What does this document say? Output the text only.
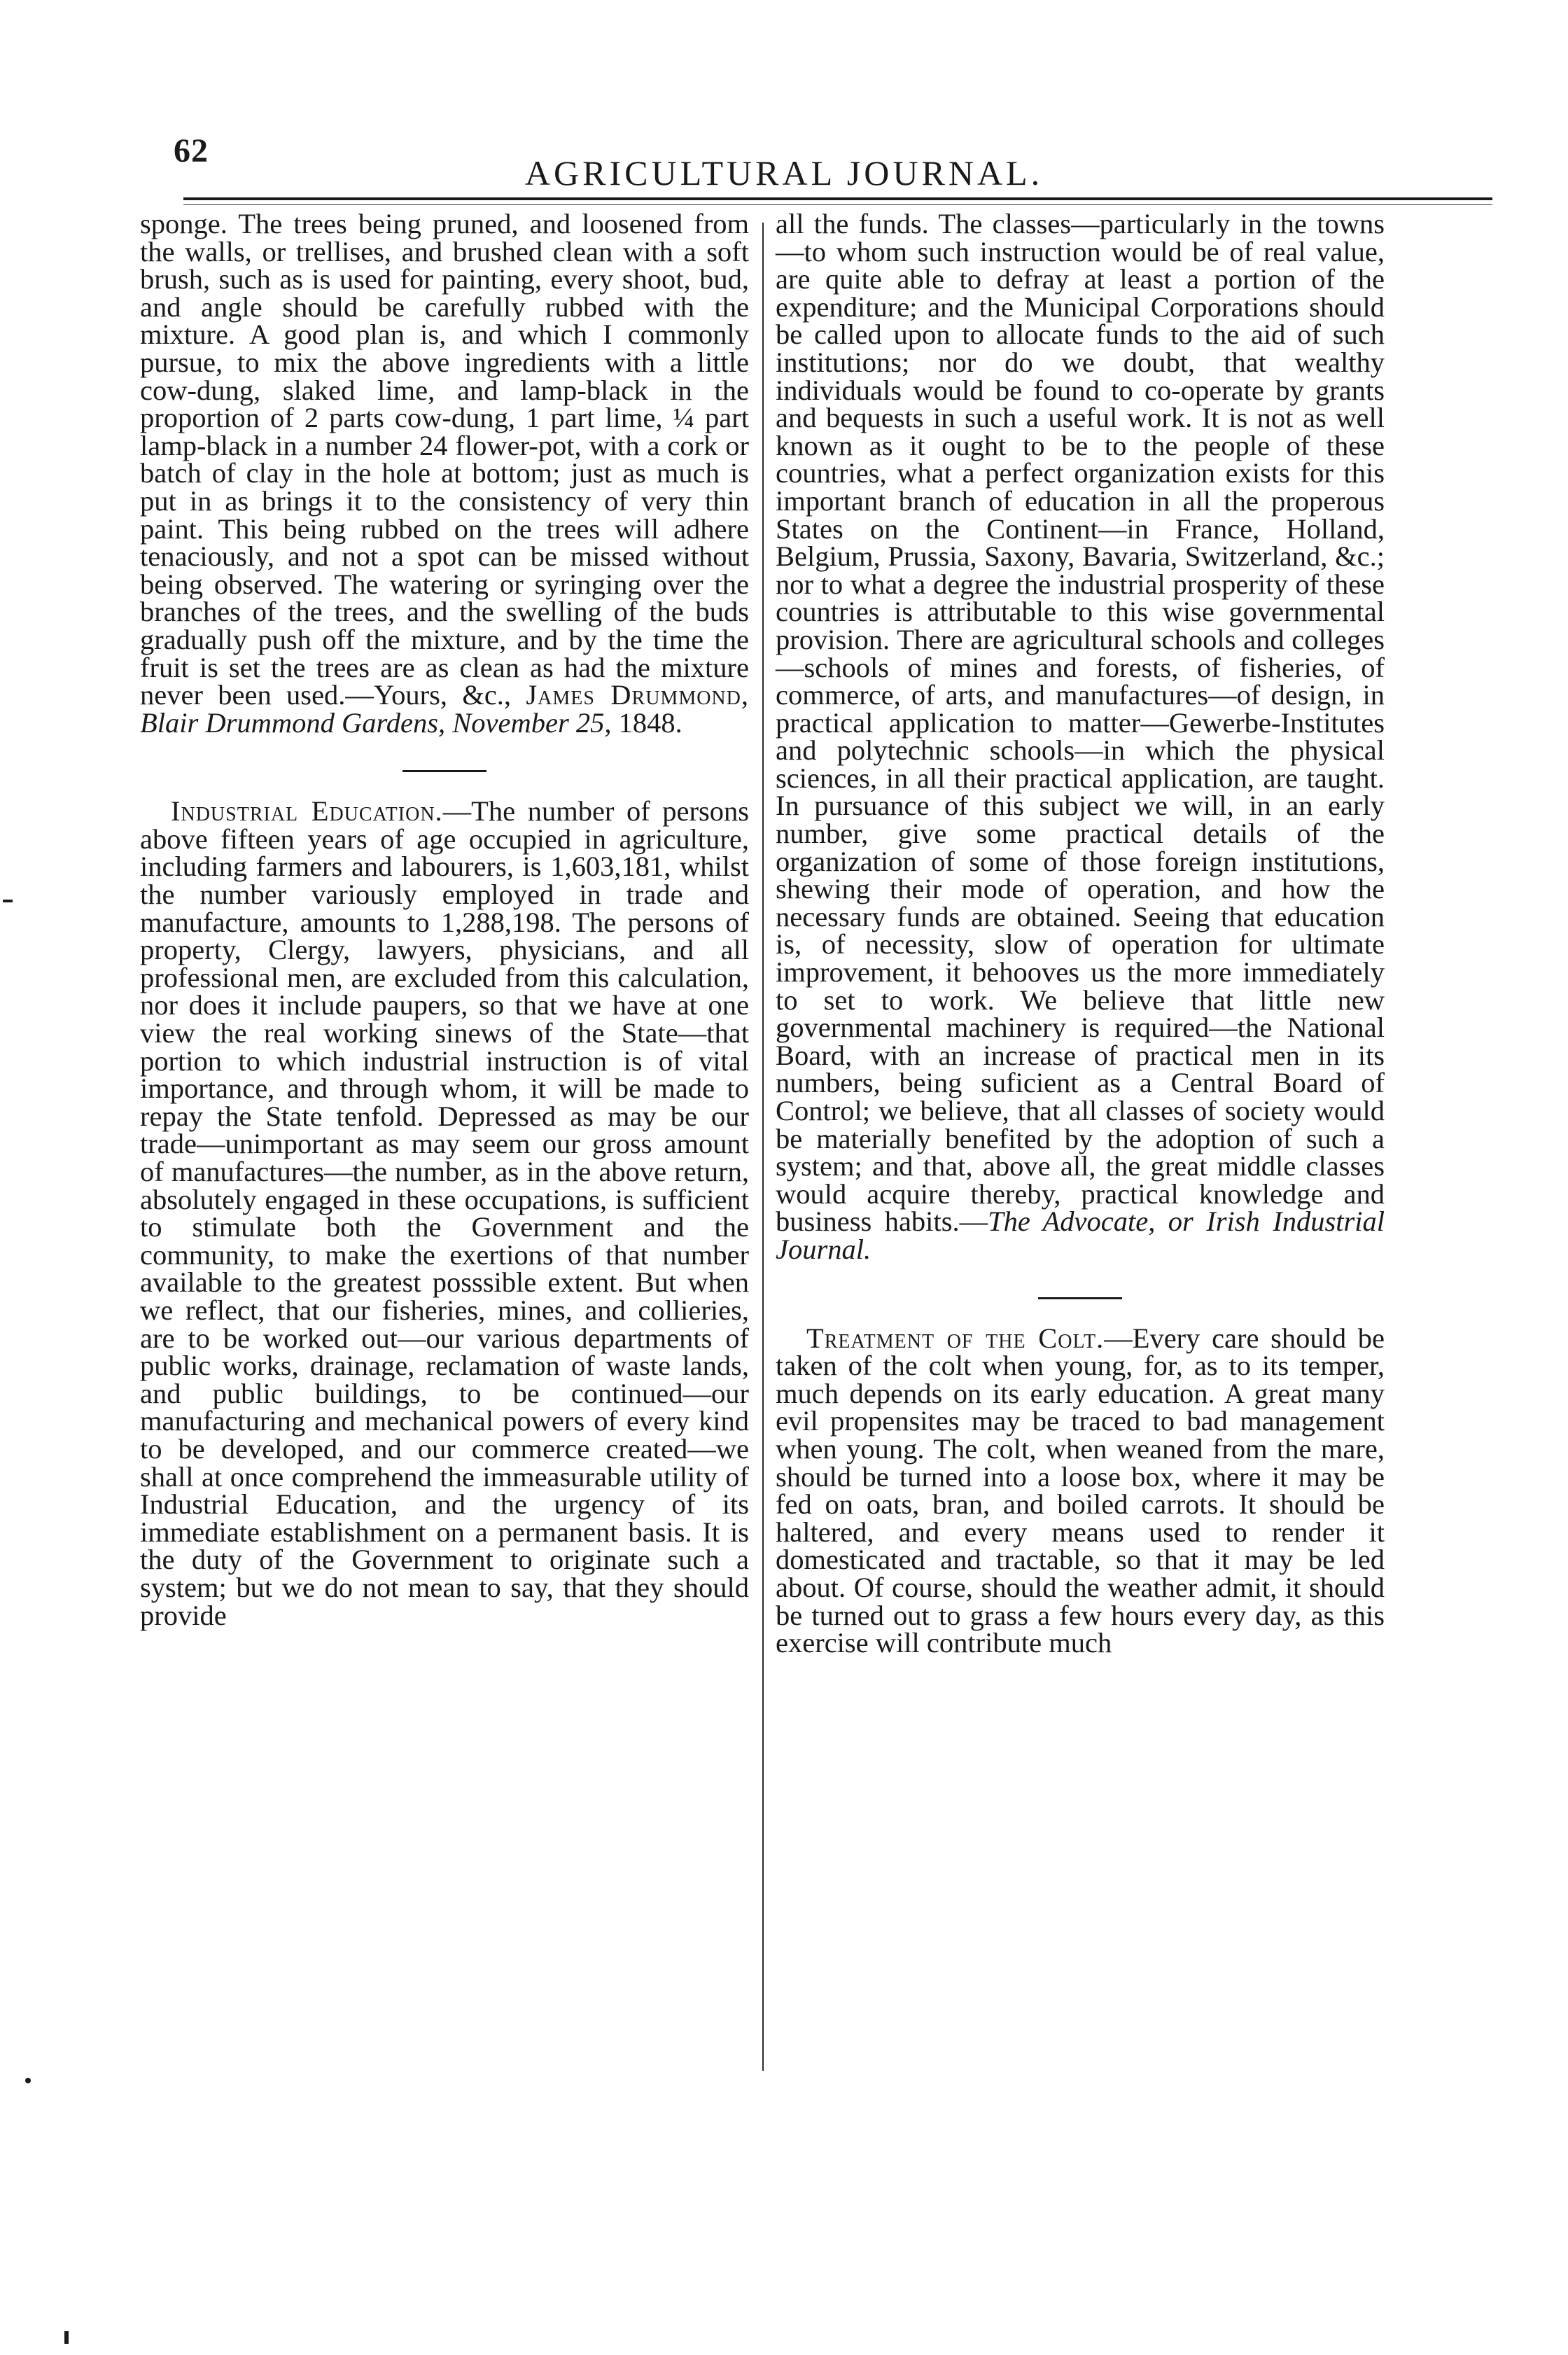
62
AGRICULTURAL JOURNAL.

sponge. The trees being pruned, and loosened from the walls, or trellises, and brushed clean with a soft brush, such as is used for painting, every shoot, bud, and angle should be carefully rubbed with the mixture. A good plan is, and which I commonly pursue, to mix the above ingredients with a little cow-dung, slaked lime, and lamp-black in the proportion of 2 parts cow-dung, 1 part lime, ¼ part lamp-black in a number 24 flower-pot, with a cork or batch of clay in the hole at bottom; just as much is put in as brings it to the consistency of very thin paint. This being rubbed on the trees will adhere tenaciously, and not a spot can be missed without being observed. The watering or syringing over the branches of the trees, and the swelling of the buds gradually push off the mixture, and by the time the fruit is set the trees are as clean as had the mixture never been used.—Yours, &c., James Drummond, Blair Drummond Gardens, November 25, 1848.

Industrial Education.—The number of persons above fifteen years of age occupied in agriculture, including farmers and labourers, is 1,603,181, whilst the number variously employed in trade and manufacture, amounts to 1,288,198. The persons of property, Clergy, lawyers, physicians, and all professional men, are excluded from this calculation, nor does it include paupers, so that we have at one view the real working sinews of the State—that portion to which industrial instruction is of vital importance, and through whom, it will be made to repay the State tenfold. Depressed as may be our trade—unimportant as may seem our gross amount of manufactures—the number, as in the above return, absolutely engaged in these occupations, is sufficient to stimulate both the Government and the community, to make the exertions of that number available to the greatest posssible extent. But when we reflect, that our fisheries, mines, and collieries, are to be worked out—our various departments of public works, drainage, reclamation of waste lands, and public buildings, to be continued—our manufacturing and mechanical powers of every kind to be developed, and our commerce created—we shall at once comprehend the immeasurable utility of Industrial Education, and the urgency of its immediate establishment on a permanent basis. It is the duty of the Government to originate such a system; but we do not mean to say, that they should provide

all the funds. The classes—particularly in the towns—to whom such instruction would be of real value, are quite able to defray at least a portion of the expenditure; and the Municipal Corporations should be called upon to allocate funds to the aid of such institutions; nor do we doubt, that wealthy individuals would be found to co-operate by grants and bequests in such a useful work. It is not as well known as it ought to be to the people of these countries, what a perfect organization exists for this important branch of education in all the properous States on the Continent—in France, Holland, Belgium, Prussia, Saxony, Bavaria, Switzerland, &c.; nor to what a degree the industrial prosperity of these countries is attributable to this wise governmental provision. There are agricultural schools and colleges—schools of mines and forests, of fisheries, of commerce, of arts, and manufactures—of design, in practical application to matter—Gewerbe-Institutes and polytechnic schools—in which the physical sciences, in all their practical application, are taught. In pursuance of this subject we will, in an early number, give some practical details of the organization of some of those foreign institutions, shewing their mode of operation, and how the necessary funds are obtained. Seeing that education is, of necessity, slow of operation for ultimate improvement, it behooves us the more immediately to set to work. We believe that little new governmental machinery is required—the National Board, with an increase of practical men in its numbers, being suficient as a Central Board of Control; we believe, that all classes of society would be materially benefited by the adoption of such a system; and that, above all, the great middle classes would acquire thereby, practical knowledge and business habits.—The Advocate, or Irish Industrial Journal.

Treatment of the Colt.—Every care should be taken of the colt when young, for, as to its temper, much depends on its early education. A great many evil propensites may be traced to bad management when young. The colt, when weaned from the mare, should be turned into a loose box, where it may be fed on oats, bran, and boiled carrots. It should be haltered, and every means used to render it domesticated and tractable, so that it may be led about. Of course, should the weather admit, it should be turned out to grass a few hours every day, as this exercise will contribute much
